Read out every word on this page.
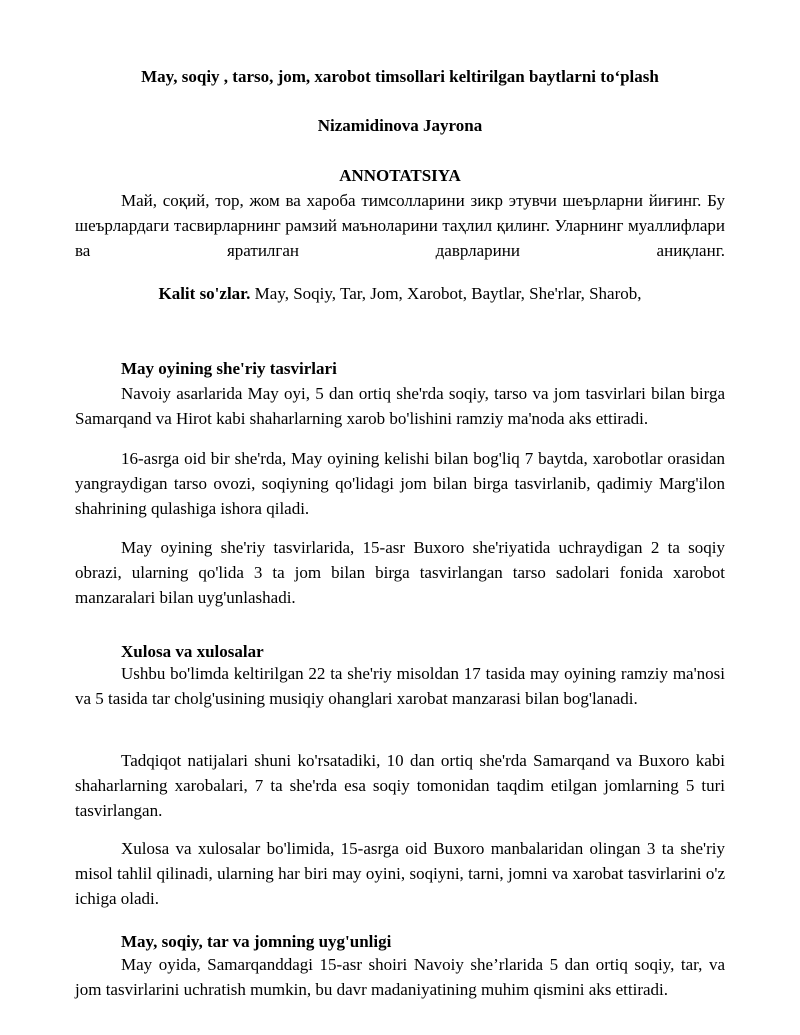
May, soqiy , tarso, jom, xarobot timsollari keltirilgan baytlarni to‘plash
Nizamidinova Jayrona
ANNOTATSIYA

Май, соқий, тор, жом ва хароба тимсолларини зикр этувчи шеърларни йиғинг. Бу шеърлардаги тасвирларнинг рамзий маъноларини таҳлил қилинг. Уларнинг муаллифлари ва яратилган даврларини аниқланг.

Kalit so'zlar. May, Soqiy, Tar, Jom, Xarobot, Baytlar, She'rlar, Sharob,
May oyining she'riy tasvirlari

Navoiy asarlarida May oyi, 5 dan ortiq she'rda soqiy, tarso va jom tasvirlari bilan birga Samarqand va Hirot kabi shaharlarning xarob bo'lishini ramziy ma'noda aks ettiradi.

16-asrga oid bir she'rda, May oyining kelishi bilan bog'liq 7 baytda, xarobotlar orasidan yangraydigan tarso ovozi, soqiyning qo'lidagi jom bilan birga tasvirlanib, qadimiy Marg'ilon shahrining qulashiga ishora qiladi.

May oyining she'riy tasvirlarida, 15-asr Buxoro she'riyatida uchraydigan 2 ta soqiy obrazi, ularning qo'lida 3 ta jom bilan birga tasvirlangan tarso sadolari fonida xarobot manzaralari bilan uyg'unlashadi.

Xulosa va xulosalar

Ushbu bo'limda keltirilgan 22 ta she'riy misoldan 17 tasida may oyining ramziy ma'nosi va 5 tasida tar cholg'usining musiqiy ohanglari xarobat manzarasi bilan bog'lanadi.

Tadqiqot natijalari shuni ko'rsatadiki, 10 dan ortiq she'rda Samarqand va Buxoro kabi shaharlarning xarobalari, 7 ta she'rda esa soqiy tomonidan taqdim etilgan jomlarning 5 turi tasvirlangan.

Xulosa va xulosalar bo'limida, 15-asrga oid Buxoro manbalaridan olingan 3 ta she'riy misol tahlil qilinadi, ularning har biri may oyini, soqiyni, tarni, jomni va xarobat tasvirlarini o'z ichiga oladi.

May, soqiy, tar va jomning uyg'unligi

May oyida, Samarqanddagi 15-asr shoiri Navoiy she’rlarida 5 dan ortiq soqiy, tar, va jom tasvirlarini uchratish mumkin, bu davr madaniyatining muhim qismini aks ettiradi.
